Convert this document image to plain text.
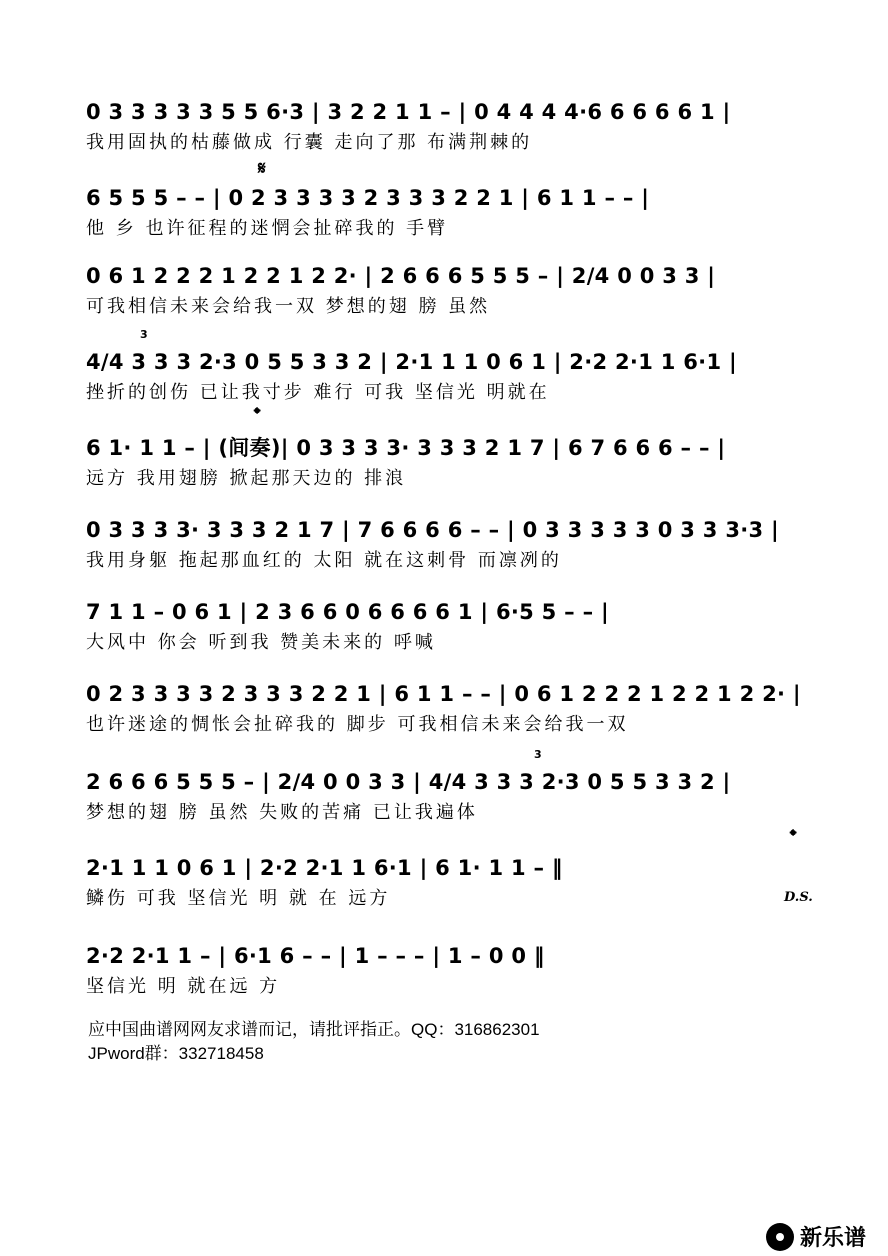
0 3 3 3 3 3 5 5 6·3 | 3 2 2 1 1 – | 0 4 4 4 4·6 6 6 6 6 1 |
我用固执的枯藤做成 行囊 走向了那 布满荆棘的
𝄋
6 5 5 5 – – | 0 2 3 3 3 3 2 3 3 3 2 2 1 | 6 1 1 – – |
他 乡 也许征程的迷惘会扯碎我的 手臂
0 6 1 2 2 2 1 2 2 1 2 2· | 2 6 6 6 5 5 5 – | 2/4 0 0 3 3 |
可我相信未来会给我一双 梦想的翅 膀 虽然
3
4/4 3 3 3 2·3 0 5 5 3 3 2 | 2·1 1 1 0 6 1 | 2·2 2·1 1 6·1 |
挫折的创伤 已让我寸步 难行 可我 坚信光 明就在
𝄌
6 1· 1 1 – | (间奏)| 0 3 3 3 3· 3 3 3 2 1 7 | 6 7 6 6 6 – – |
远方 我用翅膀 掀起那天边的 排浪
0 3 3 3 3· 3 3 3 2 1 7 | 7 6 6 6 6 – – | 0 3 3 3 3 3 0 3 3 3·3 |
我用身躯 拖起那血红的 太阳 就在这刺骨 而凛冽的
7 1 1 – 0 6 1 | 2 3 6 6 0 6 6 6 6 1 | 6·5 5 – – |
大风中 你会 听到我 赞美未来的 呼喊
0 2 3 3 3 3 2 3 3 3 2 2 1 | 6 1 1 – – | 0 6 1 2 2 2 1 2 2 1 2 2· |
也许迷途的惆怅会扯碎我的 脚步 可我相信未来会给我一双
3
2 6 6 6 5 5 5 – | 2/4 0 0 3 3 | 4/4 3 3 3 2·3 0 5 5 3 3 2 |
梦想的翅 膀 虽然 失败的苦痛 已让我遍体
𝄌
2·1 1 1 0 6 1 | 2·2 2·1 1 6·1 | 6 1· 1 1 – ‖
鳞伤 可我 坚信光 明 就 在 远方	D.S.
2·2 2·1 1 – | 6·1 6 – – | 1 – – – | 1 – 0 0 ‖
坚信光 明 就在远 方
应中国曲谱网网友求谱而记，请批评指正。QQ：316862301
JPword群：332718458
新乐谱
